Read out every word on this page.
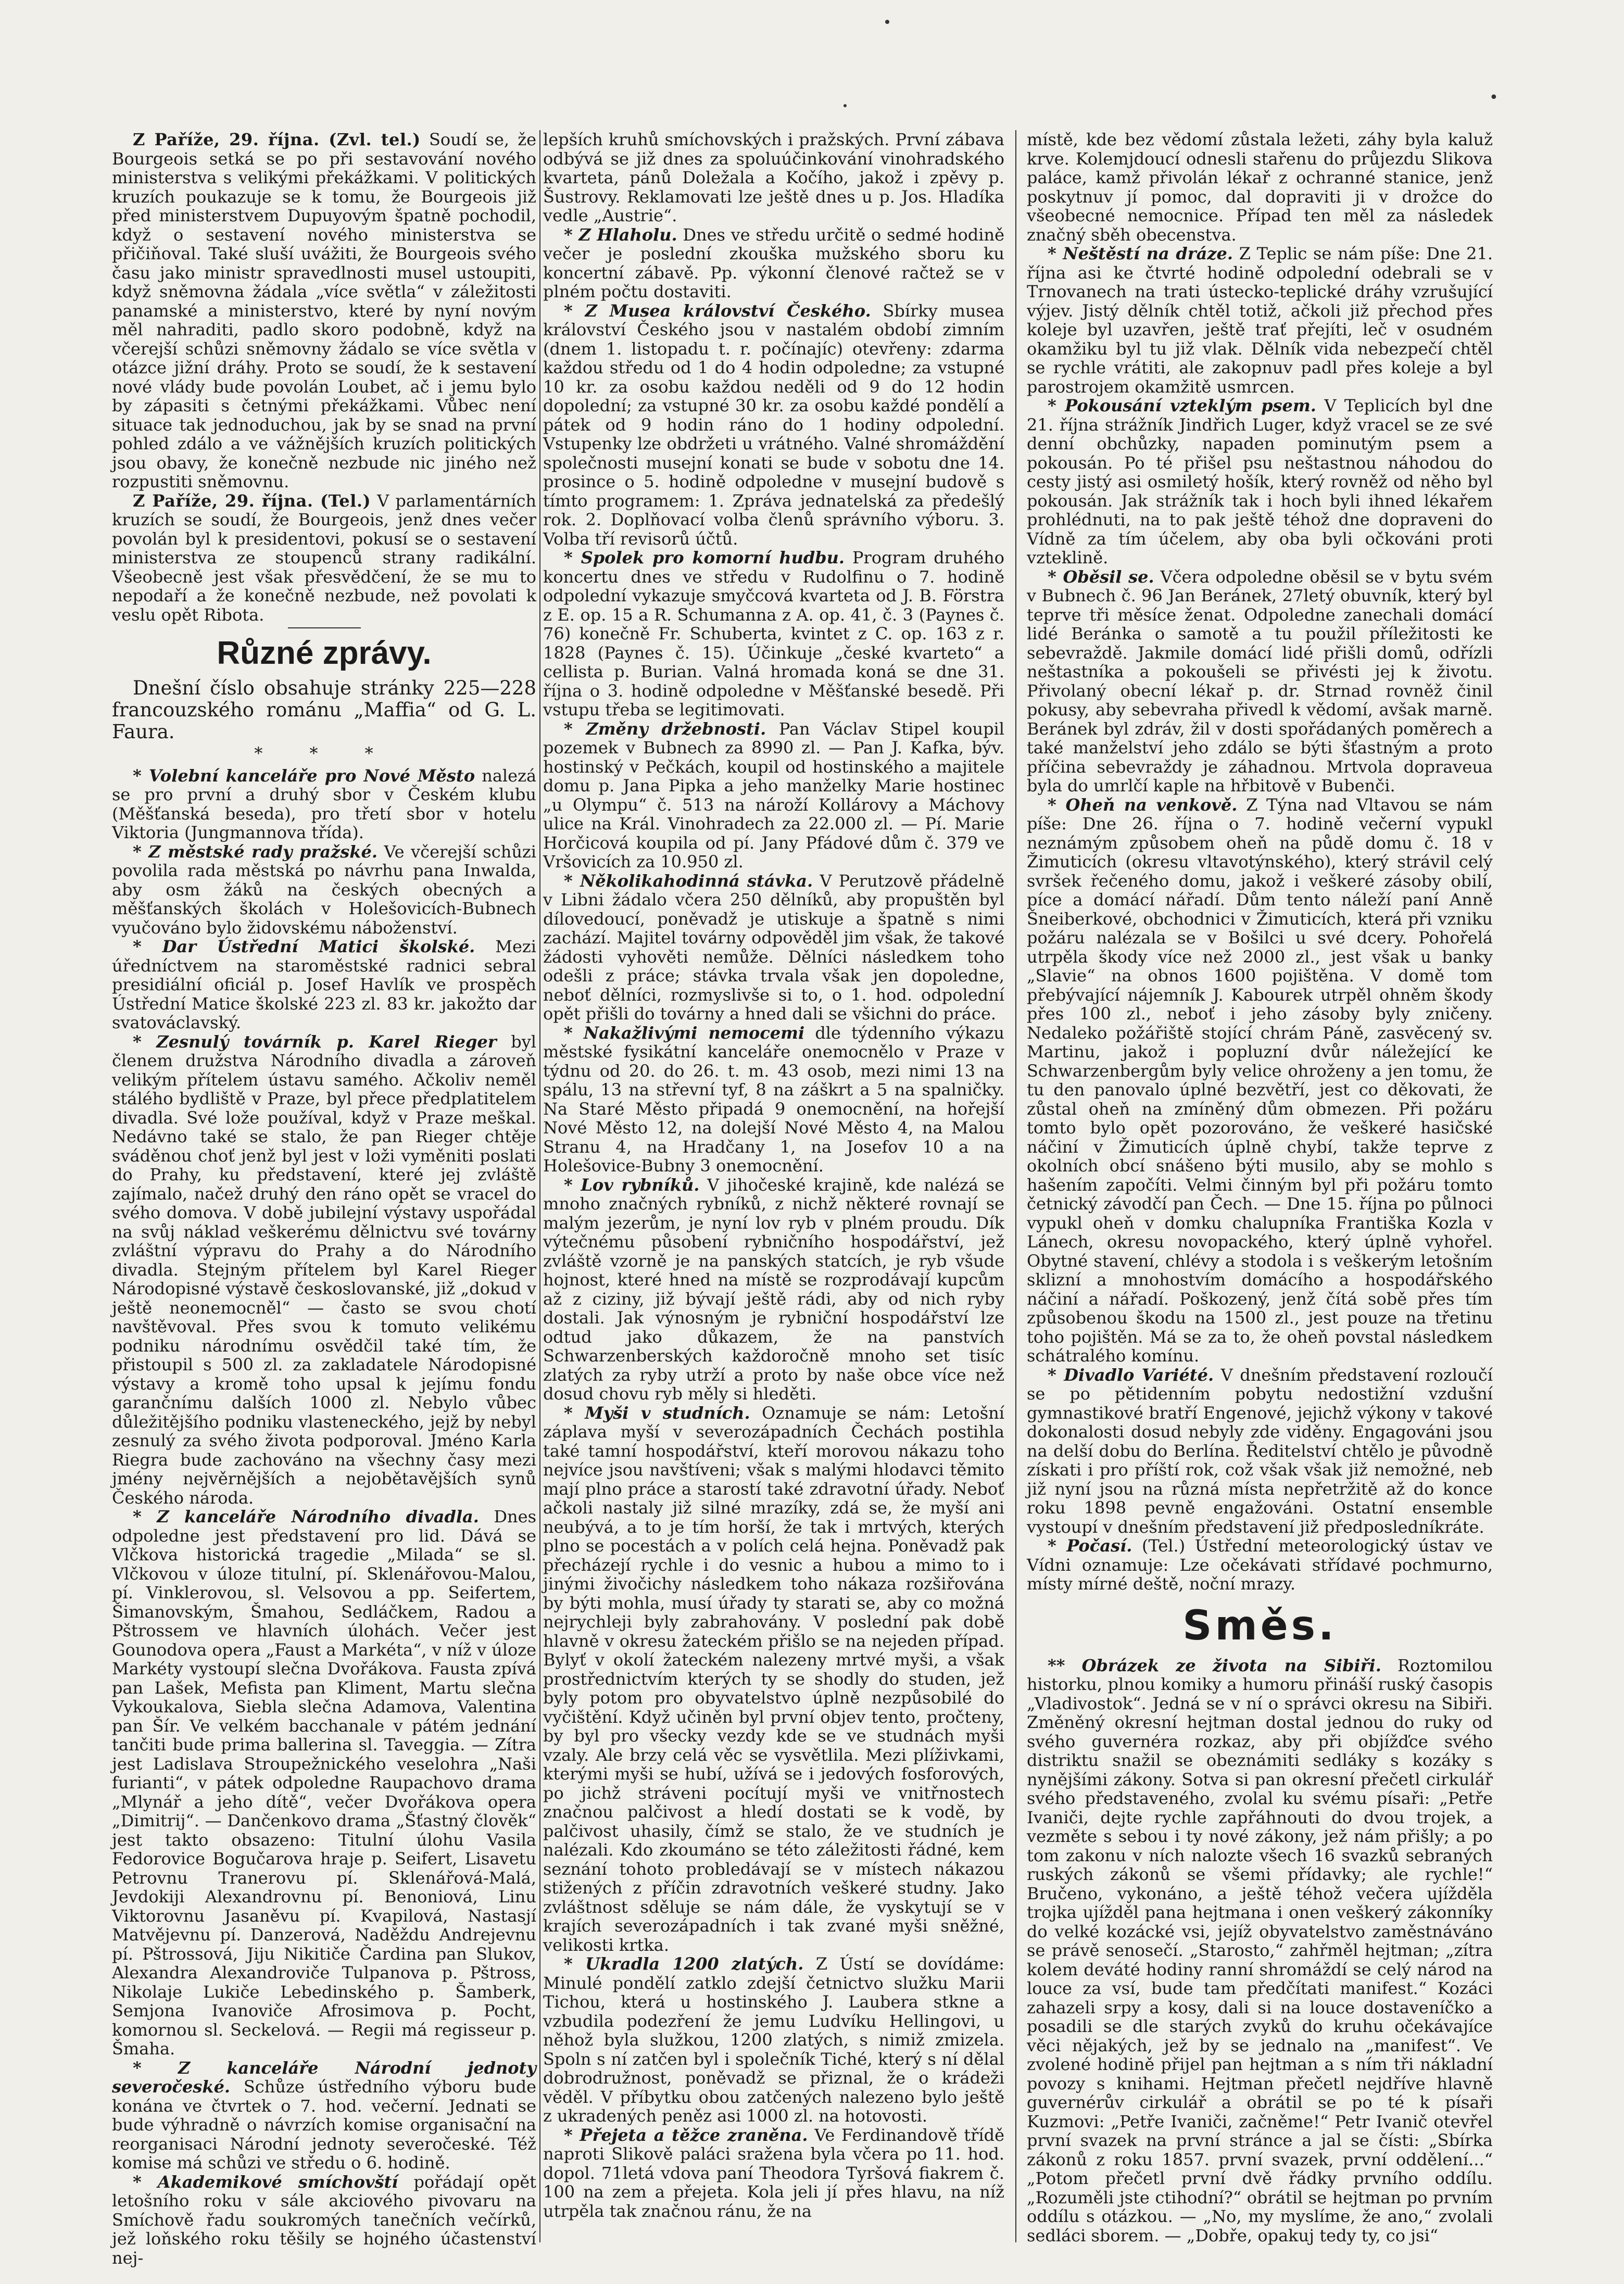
•

Z Paříže, 29. října. (Zvl. tel.) Soudí se, že Bourgeois setká se po při sestavování nového ministerstva s velikými překážkami. V politických kruzích poukazuje se k tomu, že Bourgeois již před ministerstvem Dupuyovým špatně pochodil, když o sestavení nového ministerstva se přičiňoval. Také sluší uvážiti, že Bourgeois svého času jako ministr spravedlnosti musel ustoupiti, když sněmovna žádala „více světla“ v záležitosti panamské a ministerstvo, které by nyní novým měl nahraditi, padlo skoro podobně, když na včerejší schůzi sněmovny žádalo se více světla v otázce jižní dráhy. Proto se soudí, že k sestavení nové vlády bude povolán Loubet, ač i jemu bylo by zápasiti s četnými překážkami. Vůbec není situace tak jednoduchou, jak by se snad na první pohled zdálo a ve vážnějších kruzích politických jsou obavy, že konečně nezbude nic jiného než rozpustiti sněmovnu.

Z Paříže, 29. října. (Tel.) V parlamentárních kruzích se soudí, že Bourgeois, jenž dnes večer povolán byl k presidentovi, pokusí se o sestavení ministerstva ze stoupenců strany radikální. Všeobecně jest však přesvědčení, že se mu to nepodaří a že konečně nezbude, než povolati k veslu opět Ribota.

Různé zprávy.

Dnešní číslo obsahuje stránky 225—228 francouzského románu „Maffia“ od G. L. Faura.

* * *

* Volební kanceláře pro Nové Město nalezá se pro první a druhý sbor v Českém klubu (Měšťanská beseda), pro třetí sbor v hotelu Viktoria (Jungmannova třída).

* Z městské rady pražské. Ve včerejší schůzi povolila rada městská po návrhu pana Inwalda, aby osm žáků na českých obecných a měšťanských školách v Holešovicích-Bubnech vyučováno bylo židovskému náboženství.

* Dar Ústřední Matici školské. Mezi úředníctvem na staroměstské radnici sebral presidiální oficiál p. Josef Havlík ve prospěch Ústřední Matice školské 223 zl. 83 kr. jakožto dar svatováclavský.

* Zesnulý továrník p. Karel Rieger byl členem družstva Národního divadla a zároveň velikým přítelem ústavu samého. Ačkoliv neměl stálého bydliště v Praze, byl přece předplatitelem divadla. Své lože používal, když v Praze meškal. Nedávno také se stalo, že pan Rieger chtěje sváděnou choť jenž byl jest v loži vyměniti poslati do Prahy, ku představení, které jej zvláště zajímalo, načež druhý den ráno opět se vracel do svého domova. V době jubilejní výstavy uspořádal na svůj náklad veškerému dělnictvu své továrny zvláštní výpravu do Prahy a do Národního divadla. Stejným přítelem byl Karel Rieger Národopisné výstavě českoslovanské, již „dokud v ještě neonemocněl“ — často se svou chotí navštěvoval. Přes svou k tomuto velikému podniku národnímu osvědčil také tím, že přistoupil s 500 zl. za zakladatele Národopisné výstavy a kromě toho upsal k jejímu fondu garančnímu dalších 1000 zl. Nebylo vůbec důležitějšího podniku vlasteneckého, jejž by nebyl zesnulý za svého života podporoval. Jméno Karla Riegra bude zachováno na všechny časy mezi jmény nejvěrnějších a nejobětavějších synů Českého národa.

* Z kanceláře Národního divadla. Dnes odpoledne jest představení pro lid. Dává se Vlčkova historická tragedie „Milada“ se sl. Vlčkovou v úloze titulní, pí. Sklenářovou-Malou, pí. Vinklerovou, sl. Velsovou a pp. Seifertem, Šimanovským, Šmahou, Sedláčkem, Radou a Pštrossem ve hlavních úlohách. Večer jest Gounodova opera „Faust a Markéta“, v níž v úloze Markéty vystoupí slečna Dvořákova. Fausta zpívá pan Lašek, Mefista pan Kliment, Martu slečna Vykoukalova, Siebla slečna Adamova, Valentina pan Šír. Ve velkém bacchanale v pátém jednání tančiti bude prima ballerina sl. Taveggia. — Zítra jest Ladislava Stroupežnického veselohra „Naši furianti“, v pátek odpoledne Raupachovo drama „Mlynář a jeho dítě“, večer Dvořákova opera „Dimitrij“. — Dančenkovo drama „Šťastný člověk“ jest takto obsazeno: Titulní úlohu Vasila Fedorovice Bogučarova hraje p. Seifert, Lisavetu Petrovnu Tranerovu pí. Sklenářová-Malá, Jevdokiji Alexandrovnu pí. Benoniová, Linu Viktorovnu Jasaněvu pí. Kvapilová, Nastasjí Matvějevnu pí. Danzerová, Naděždu Andrejevnu pí. Pštrossová, Jiju Nikitiče Čardina pan Slukov, Alexandra Alexandroviče Tulpanova p. Pštross, Nikolaje Lukiče Lebedinského p. Šamberk, Semjona Ivanoviče Afrosimova p. Pocht, komornou sl. Seckelová. — Regii má regisseur p. Šmaha.

* Z kanceláře Národní jednoty severočeské. Schůze ústředního výboru bude konána ve čtvrtek o 7. hod. večerní. Jednati se bude výhradně o návrzích komise organisační na reorganisaci Národní jednoty severočeské. Též komise má schůzi ve středu o 6. hodině.

* Akademikové smíchovští pořádají opět letošního roku v sále akciového pivovaru na Smíchově řadu soukromých tanečních večírků, jež loňského roku těšily se hojného účastenství nej-

lepších kruhů smíchovských i pražských. První zábava odbývá se již dnes za spoluúčinkování vinohradského kvarteta, pánů Doležala a Kočího, jakož i zpěvy p. Šustrovy. Reklamovati lze ještě dnes u p. Jos. Hladíka vedle „Austrie“.

* Z Hlaholu. Dnes ve středu určitě o sedmé hodině večer je poslední zkouška mužského sboru ku koncertní zábavě. Pp. výkonní členové račtež se v plném počtu dostaviti.

* Z Musea království Českého. Sbírky musea království Českého jsou v nastalém období zimním (dnem 1. listopadu t. r. počínajíc) otevřeny: zdarma každou středu od 1 do 4 hodin odpoledne; za vstupné 10 kr. za osobu každou neděli od 9 do 12 hodin dopolední; za vstupné 30 kr. za osobu každé pondělí a pátek od 9 hodin ráno do 1 hodiny odpolední. Vstupenky lze obdržeti u vrátného. Valné shromáždění společnosti musejní konati se bude v sobotu dne 14. prosince o 5. hodině odpoledne v musejní budově s tímto programem: 1. Zpráva jednatelská za předešlý rok. 2. Doplňovací volba členů správního výboru. 3. Volba tří revisorů účtů.

* Spolek pro komorní hudbu. Program druhého koncertu dnes ve středu v Rudolfinu o 7. hodině odpolední vykazuje smyčcová kvarteta od J. B. Förstra z E. op. 15 a R. Schumanna z A. op. 41, č. 3 (Paynes č. 76) konečně Fr. Schuberta, kvintet z C. op. 163 z r. 1828 (Paynes č. 15). Účinkuje „české kvarteto“ a cellista p. Burian. Valná hromada koná se dne 31. října o 3. hodině odpoledne v Měšťanské besedě. Při vstupu třeba se legitimovati.

* Změny držebnosti. Pan Václav Stipel koupil pozemek v Bubnech za 8990 zl. — Pan J. Kafka, býv. hostinský v Pečkách, koupil od hostinského a majitele domu p. Jana Pipka a jeho manželky Marie hostinec „u Olympu“ č. 513 na nároží Kollárovy a Máchovy ulice na Král. Vinohradech za 22.000 zl. — Pí. Marie Horčicová koupila od pí. Jany Pfádové dům č. 379 ve Vršovicích za 10.950 zl.

* Několikahodinná stávka. V Perutzově přádelně v Libni žádalo včera 250 dělníků, aby propuštěn byl dílovedoucí, poněvadž je utiskuje a špatně s nimi zachází. Majitel továrny odpověděl jim však, že takové žádosti vyhověti nemůže. Dělníci následkem toho odešli z práce; stávka trvala však jen dopoledne, neboť dělníci, rozmyslivše si to, o 1. hod. odpolední opět přišli do továrny a hned dali se všichni do práce.

* Nakažlivými nemocemi dle týdenního výkazu městské fysikátní kanceláře onemocnělo v Praze v týdnu od 20. do 26. t. m. 43 osob, mezi nimi 13 na spálu, 13 na střevní tyf, 8 na záškrt a 5 na spalničky. Na Staré Město připadá 9 onemocnění, na hořejší Nové Město 12, na dolejší Nové Město 4, na Malou Stranu 4, na Hradčany 1, na Josefov 10 a na Holešovice-Bubny 3 onemocnění.

* Lov rybníků. V jihočeské krajině, kde nalézá se mnoho značných rybníků, z nichž některé rovnají se malým jezerům, je nyní lov ryb v plném proudu. Dík výtečnému působení rybničního hospodářství, jež zvláště vzorně je na panských statcích, je ryb všude hojnost, které hned na místě se rozprodávají kupcům až z ciziny, již bývají ještě rádi, aby od nich ryby dostali. Jak výnosným je rybniční hospodářství lze odtud jako důkazem, že na panstvích Schwarzenberských každoročně mnoho set tisíc zlatých za ryby utrží a proto by naše obce více než dosud chovu ryb měly si hleděti.

* Myši v studních. Oznamuje se nám: Letošní záplava myší v severozápadních Čechách postihla také tamní hospodářství, kteří morovou nákazu toho nejvíce jsou navštíveni; však s malými hlodavci těmito mají plno práce a starostí také zdravotní úřady. Neboť ačkoli nastaly již silné mrazíky, zdá se, že myší ani neubývá, a to je tím horší, že tak i mrtvých, kterých plno se pocestách a v polích celá hejna. Poněvadž pak přecházejí rychle i do vesnic a hubou a mimo to i jinými živočichy následkem toho nákaza rozšiřována by býti mohla, musí úřady ty starati se, aby co možná nejrychleji byly zabrahovány. V poslední pak době hlavně v okresu žateckém přišlo se na nejeden případ. Bylyť v okolí žateckém nalezeny mrtvé myši, a však prostřednictvím kterých ty se shodly do studen, jež byly potom pro obyvatelstvo úplně nezpůsobilé do vyčištění. Když učiněn byl první objev tento, pročteny, by byl pro všecky vezdy kde se ve studnách myši vzaly. Ale brzy celá věc se vysvětlila. Mezi plíživkami, kterými myši se hubí, užívá se i jedových fosforových, po jichž stráveni pocítují myši ve vnitřnostech značnou palčivost a hledí dostati se k vodě, by palčivost uhasily, čímž se stalo, že ve studních je nalézali. Kdo zkoumáno se této záležitosti řádné, kem seznání tohoto probledávají se v místech nákazou stižených z příčin zdravotních veškeré studny. Jako zvláštnost sděluje se nám dále, že vyskytují se v krajích severozápadních i tak zvané myši sněžné, velikosti krtka.

* Ukradla 1200 zlatých. Z Ústí se dovídáme: Minulé pondělí zatklo zdejší četnictvo služku Marii Tichou, která u hostinského J. Laubera stkne a vzbudila podezření že jemu Ludvíku Hellingovi, u něhož byla služkou, 1200 zlatých, s nimiž zmizela. Spoln s ní zatčen byl i společník Tiché, který s ní dělal dobrodružnost, poněvadž se přiznal, že o krádeži věděl. V příbytku obou zatčených nalezeno bylo ještě z ukradených peněz asi 1000 zl. na hotovosti.

* Přejeta a těžce zraněna. Ve Ferdinandově třídě naproti Slikově paláci sražena byla včera po 11. hod. dopol. 71letá vdova paní Theodora Tyršová fiakrem č. 100 na zem a přejeta. Kola jeli jí přes hlavu, na níž utrpěla tak značnou ránu, že na

místě, kde bez vědomí zůstala ležeti, záhy byla kaluž krve. Kolemjdoucí odnesli stařenu do průjezdu Slikova paláce, kamž přivolán lékař z ochranné stanice, jenž poskytnuv jí pomoc, dal dopraviti ji v drožce do všeobecné nemocnice. Případ ten měl za následek značný sběh obecenstva.

* Neštěstí na dráze. Z Teplic se nám píše: Dne 21. října asi ke čtvrté hodině odpolední odebrali se v Trnovanech na trati ústecko-teplické dráhy vzrušující výjev. Jistý dělník chtěl totiž, ačkoli již přechod přes koleje byl uzavřen, ještě trať přejíti, leč v osudném okamžiku byl tu již vlak. Dělník vida nebezpečí chtěl se rychle vrátiti, ale zakopnuv padl přes koleje a byl parostrojem okamžitě usmrcen.

* Pokousání vzteklým psem. V Teplicích byl dne 21. října strážník Jindřich Luger, když vracel se ze své denní obchůzky, napaden pominutým psem a pokousán. Po té přišel psu neštastnou náhodou do cesty jistý asi osmiletý hošík, který rovněž od něho byl pokousán. Jak strážník tak i hoch byli ihned lékařem prohlédnuti, na to pak ještě téhož dne dopraveni do Vídně za tím účelem, aby oba byli očkováni proti vzteklině.

* Oběsil se. Včera odpoledne oběsil se v bytu svém v Bubnech č. 96 Jan Beránek, 27letý obuvník, který byl teprve tři měsíce ženat. Odpoledne zanechali domácí lidé Beránka o samotě a tu použil příležitosti ke sebevraždě. Jakmile domácí lidé přišli domů, odřízli neštastníka a pokoušeli se přivésti jej k životu. Přivolaný obecní lékař p. dr. Strnad rovněž činil pokusy, aby sebevraha přivedl k vědomí, avšak marně. Beránek byl zdráv, žil v dosti spořádaných poměrech a také manželství jeho zdálo se býti šťastným a proto příčina sebevraždy je záhadnou. Mrtvola dopraveua byla do umrlčí kaple na hřbitově v Bubenči.

* Oheň na venkově. Z Týna nad Vltavou se nám píše: Dne 26. října o 7. hodině večerní vypukl neznámým způsobem oheň na půdě domu č. 18 v Žimuticích (okresu vltavotýnského), který strávil celý svršek řečeného domu, jakož i veškeré zásoby obilí, píce a domácí nářadí. Dům tento náleží paní Anně Šneiberkové, obchodnici v Žimuticích, která při vzniku požáru nalézala se v Bošilci u své dcery. Pohořelá utrpěla škody více než 2000 zl., jest však u banky „Slavie“ na obnos 1600 pojištěna. V domě tom přebývající nájemník J. Kabourek utrpěl ohněm škody přes 100 zl., neboť i jeho zásoby byly zničeny. Nedaleko požářiště stojící chrám Páně, zasvěcený sv. Martinu, jakož i popluzní dvůr náležející ke Schwarzenbergům byly velice ohroženy a jen tomu, že tu den panovalo úplné bezvětří, jest co děkovati, že zůstal oheň na zmíněný dům obmezen. Při požáru tomto bylo opět pozorováno, že veškeré hasičské náčiní v Žimuticích úplně chybí, takže teprve z okolních obcí snášeno býti musilo, aby se mohlo s hašením započíti. Velmi činným byl při požáru tomto četnický závodčí pan Čech. — Dne 15. října po půlnoci vypukl oheň v domku chalupníka Františka Kozla v Lánech, okresu novopackého, který úplně vyhořel. Obytné stavení, chlévy a stodola i s veškerým letošním sklizní a mnohostvím domácího a hospodářského náčiní a nářadí. Poškozený, jenž čítá sobě přes tím způsobenou škodu na 1500 zl., jest pouze na třetinu toho pojištěn. Má se za to, že oheň povstal následkem schátralého komínu.

* Divadlo Variété. V dnešním představení rozloučí se po pětidenním pobytu nedostižní vzdušní gymnastikové bratří Engenové, jejichž výkony v takové dokonalosti dosud nebyly zde viděny. Engagováni jsou na delší dobu do Berlína. Ředitelství chtělo je původně získati i pro příští rok, což však však již nemožné, neb již nyní jsou na různá místa nepřetržitě až do konce roku 1898 pevně engažováni. Ostatní ensemble vystoupí v dnešním představení již předposledníkráte.

* Počasí. (Tel.) Ústřední meteorologický ústav ve Vídni oznamuje: Lze očekávati střídavé pochmurno, místy mírné deště, noční mrazy.

Směs.

** Obrázek ze života na Sibiři. Roztomilou historku, plnou komiky a humoru přináší ruský časopis „Vladivostok“. Jedná se v ní o správci okresu na Sibiři. Změněný okresní hejtman dostal jednou do ruky od svého guvernéra rozkaz, aby při objížďce svého distriktu snažil se obeznámiti sedláky s kozáky s nynějšími zákony. Sotva si pan okresní přečetl cirkulář svého představeného, zvolal ku svému písaři: „Petře Ivaniči, dejte rychle zapřáhnouti do dvou trojek, a vezměte s sebou i ty nové zákony, jež nám přišly; a po tom zakonu v ních nalozte všech 16 svazků sebraných ruských zákonů se všemi přídavky; ale rychle!“ Bručeno, vykonáno, a ještě téhož večera ujížděla trojka ujížděl pana hejtmana i onen veškerý zákonníky do velké kozácké vsi, jejíž obyvatelstvo zaměstnáváno se právě senosečí. „Starosto,“ zahřměl hejtman; „zítra kolem deváté hodiny ranní shromáždí se celý národ na louce za vsí, bude tam předčítati manifest.“ Kozáci zahazeli srpy a kosy, dali si na louce dostaveníčko a posadili se dle starých zvyků do kruhu očekávajíce věci nějakých, jež by se jednalo na „manifest“. Ve zvolené hodině přijel pan hejtman a s ním tři nákladní povozy s knihami. Hejtman přečetl nejdříve hlavně guvernérův cirkulář a obrátil se po té k písaři Kuzmovi: „Petře Ivaniči, začněme!“ Petr Ivanič otevřel první svazek na první stránce a jal se čísti: „Sbírka zákonů z roku 1857. první svazek, první oddělení...“ „Potom přečetl první dvě řádky prvního oddílu. „Rozuměli jste ctihodní?“ obrátil se hejtman po prvním oddílu s otázkou. — „No, my myslíme, že ano,“ zvolali sedláci sborem. — „Dobře, opakuj tedy ty, co jsi“
